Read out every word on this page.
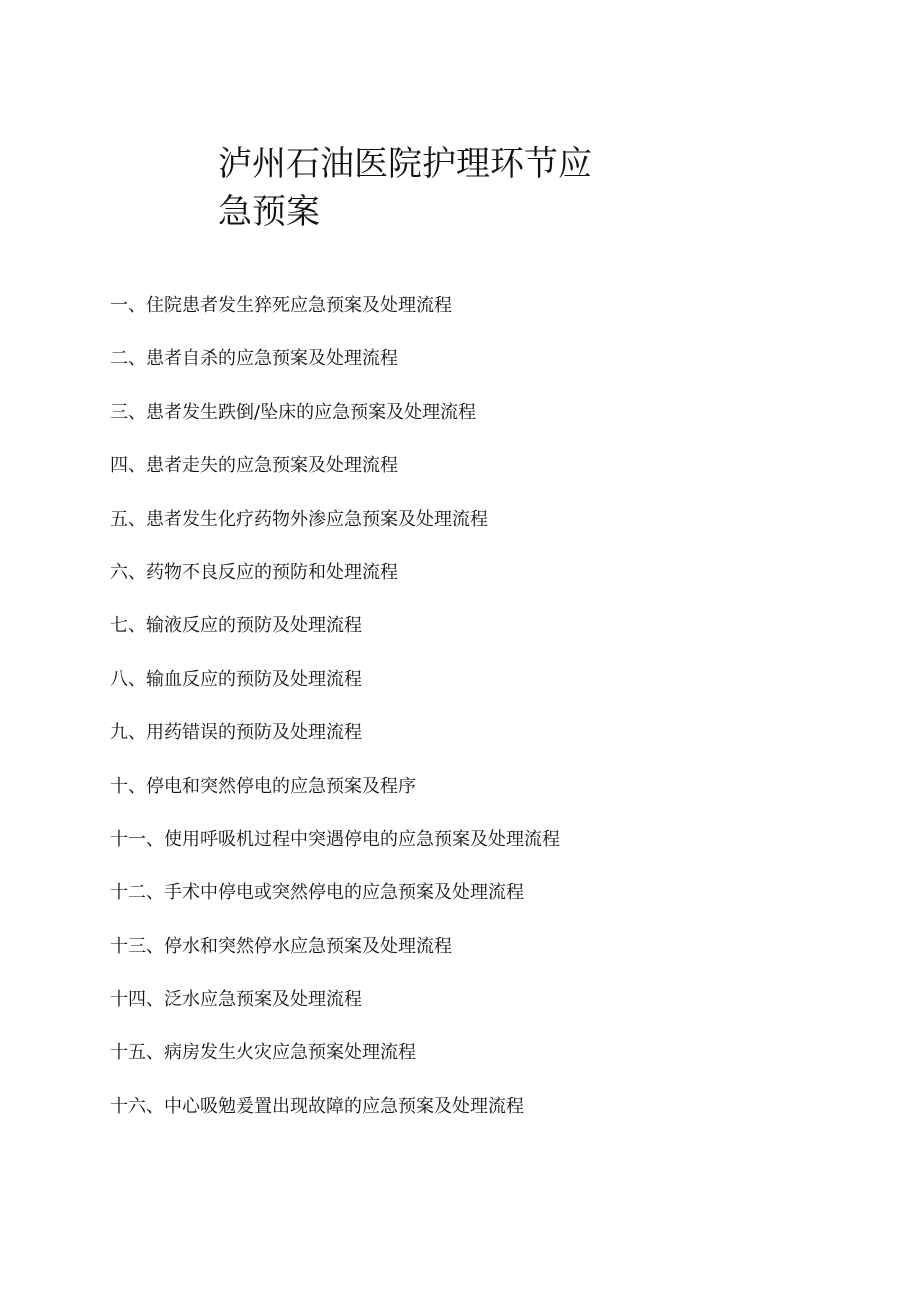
泸州石油医院护理环节应
急预案
一、住院患者发生猝死应急预案及处理流程
二、患者自杀的应急预案及处理流程
三、患者发生跌倒/坠床的应急预案及处理流程
四、患者走失的应急预案及处理流程
五、患者发生化疗药物外渗应急预案及处理流程
六、药物不良反应的预防和处理流程
七、输液反应的预防及处理流程
八、输血反应的预防及处理流程
九、用药错误的预防及处理流程
十、停电和突然停电的应急预案及程序
十一、使用呼吸机过程中突遇停电的应急预案及处理流程
十二、手术中停电或突然停电的应急预案及处理流程
十三、停水和突然停水应急预案及处理流程
十四、泛水应急预案及处理流程
十五、病房发生火灾应急预案处理流程
十六、中心吸勉爰置出现故障的应急预案及处理流程
